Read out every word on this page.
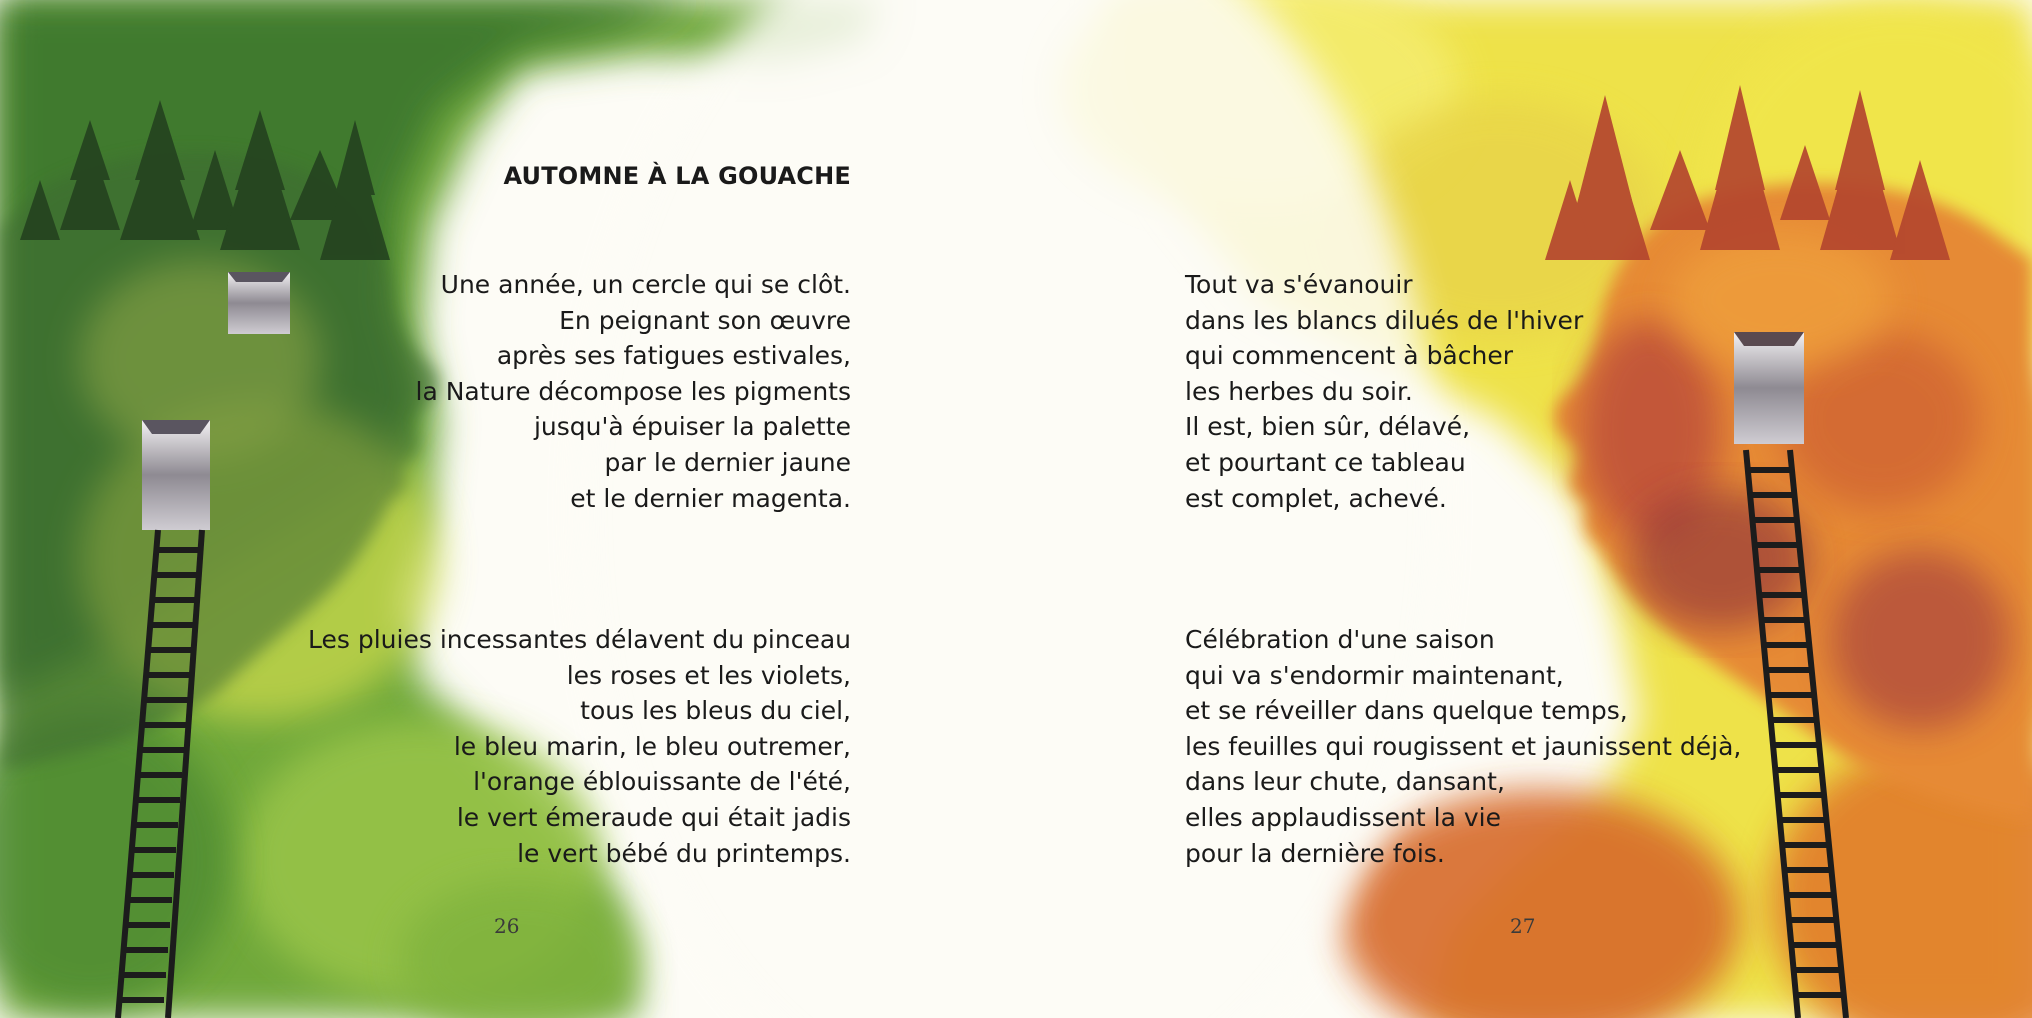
AUTOMNE À LA GOUACHE
Une année, un cercle qui se clôt.
En peignant son œuvre
après ses fatigues estivales,
la Nature décompose les pigments
jusqu'à épuiser la palette
par le dernier jaune
et le dernier magenta.
Les pluies incessantes délavent du pinceau
les roses et les violets,
tous les bleus du ciel,
le bleu marin, le bleu outremer,
l'orange éblouissante de l'été,
le vert émeraude qui était jadis
le vert bébé du printemps.
Tout va s'évanouir
dans les blancs dilués de l'hiver
qui commencent à bâcher
les herbes du soir.
Il est, bien sûr, délavé,
et pourtant ce tableau
est complet, achevé.
Célébration d'une saison
qui va s'endormir maintenant,
et se réveiller dans quelque temps,
les feuilles qui rougissent et jaunissent déjà,
dans leur chute, dansant,
elles applaudissent la vie
pour la dernière fois.
26	27
